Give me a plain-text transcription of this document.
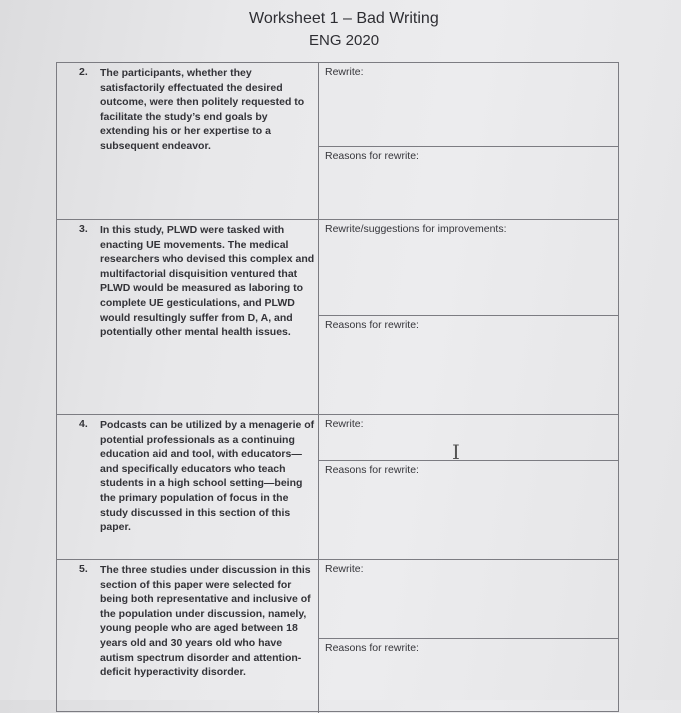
Worksheet 1 – Bad Writing
ENG 2020
2. The participants, whether they satisfactorily effectuated the desired outcome, were then politely requested to facilitate the study’s end goals by extending his or her expertise to a subsequent endeavor.
Rewrite:
Reasons for rewrite:
3. In this study, PLWD were tasked with enacting UE movements. The medical researchers who devised this complex and multifactorial disquisition ventured that PLWD would be measured as laboring to complete UE gesticulations, and PLWD would resultingly suffer from D, A, and potentially other mental health issues.
Rewrite/suggestions for improvements:
Reasons for rewrite:
4. Podcasts can be utilized by a menagerie of potential professionals as a continuing education aid and tool, with educators—and specifically educators who teach students in a high school setting—being the primary population of focus in the study discussed in this section of this paper.
Rewrite:
Reasons for rewrite:
5. The three studies under discussion in this section of this paper were selected for being both representative and inclusive of the population under discussion, namely, young people who are aged between 18 years old and 30 years old who have autism spectrum disorder and attention-deficit hyperactivity disorder.
Rewrite:
Reasons for rewrite:
I
